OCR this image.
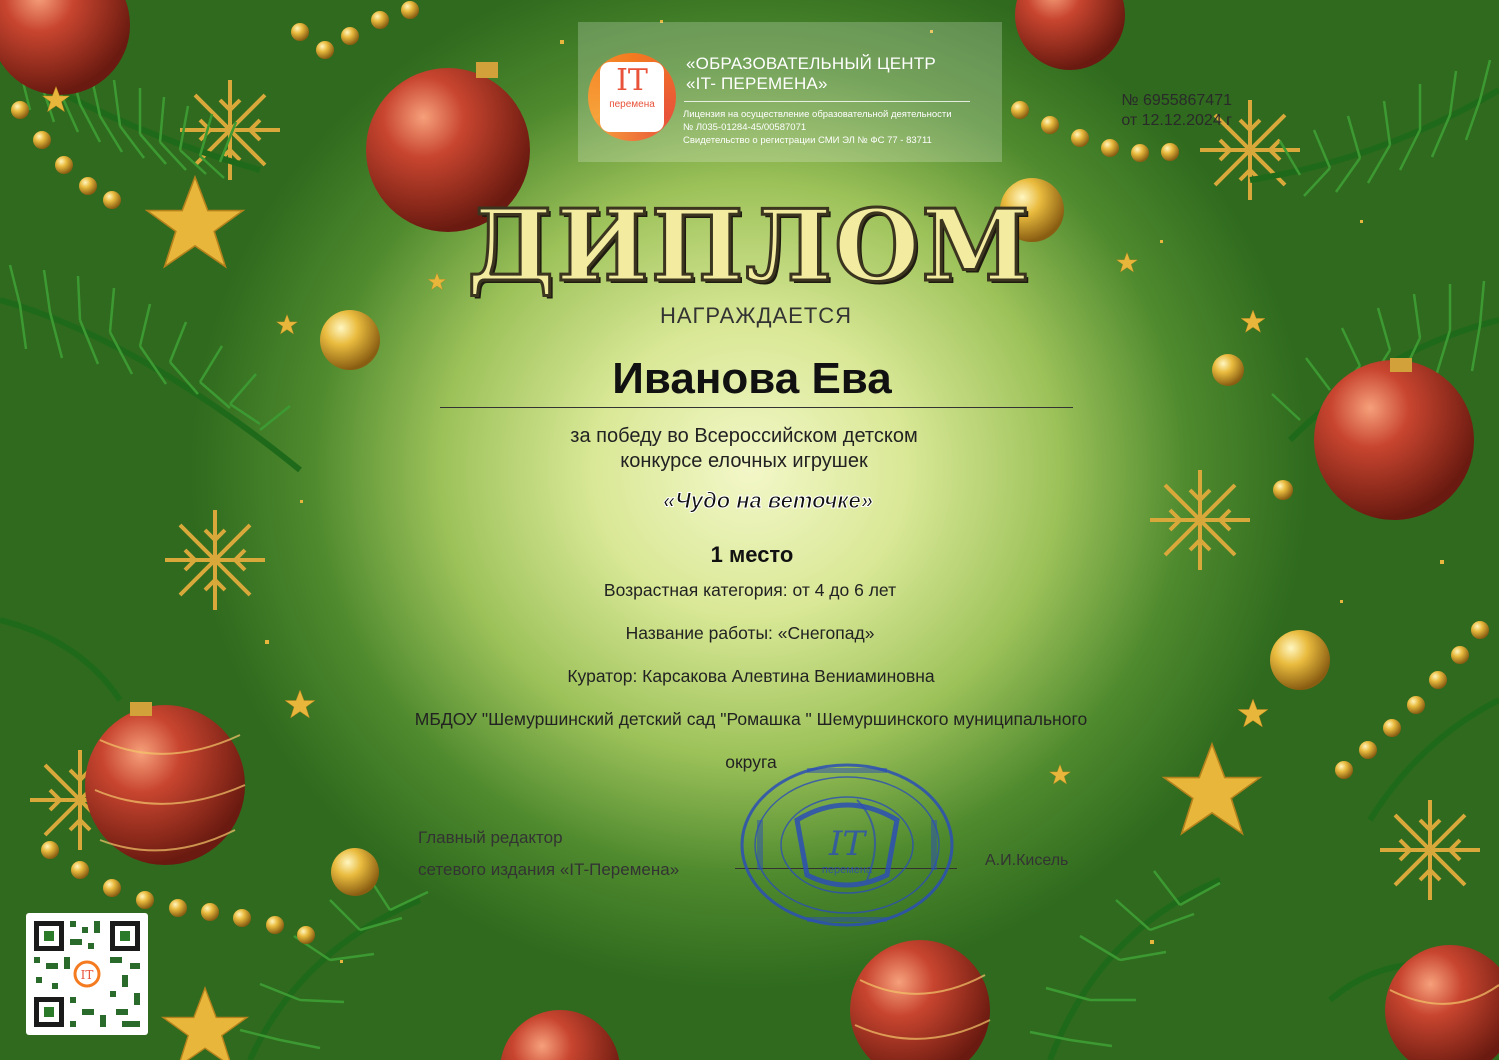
IT
перемена
«ОБРАЗОВАТЕЛЬНЫЙ ЦЕНТР
«IT- ПЕРЕМЕНА»
Лицензия на осуществление образовательной деятельности
№ Л035-01284-45/00587071
Свидетельство о регистрации СМИ ЭЛ № ФС 77 - 83711
№ 6955867471
от 12.12.2024 г
ДИПЛОМ
НАГРАЖДАЕТСЯ
Иванова Ева
за победу во Всероссийском детском
конкурсе елочных игрушек
«Чудо на веточке»
1 место
Возрастная категория: от 4 до 6 лет
Название работы: «Снегопад»
Куратор: Карсакова Алевтина Вениаминовна
МБДОУ "Шемуршинский детский сад "Ромашка " Шемуршинского муниципального
округа
Главный редактор
сетевого издания «IT-Перемена»	А.И.Кисель
IT
перемена
IT
